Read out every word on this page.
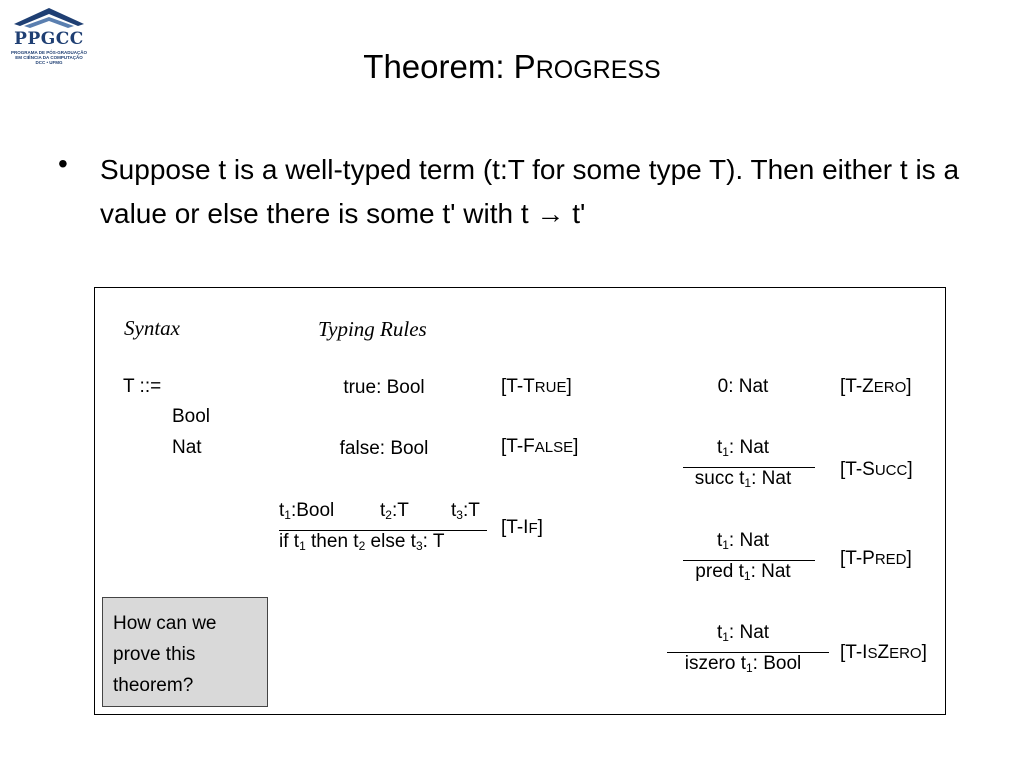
PPGCC
PROGRAMA DE PÓS-GRADUAÇÃO
EM CIÊNCIA DA COMPUTAÇÃO
DCC • UFMG	Theorem: PROGRESS
• Suppose t is a well-typed term (t:T for some type T). Then either t is a value or else there is some t' with t → t'
Syntax
T ::=
Bool
Nat
Typing Rules
true: Bool	[T-TRUE]
false: Bool	[T-FALSE]
$t_1:Bool$ $t_2:T$ $t_3:T$
if $t_1$ then $t_2$ else $t_3$: T
[T-IF]
0: Nat	[T-ZERO]
$t_1$: Nat
succ $t_1$: Nat	[T-SUCC]
$t_1$: Nat
pred $t_1$: Nat
[T-PRED]
$t_1$: Nat
iszero $t_1$: Bool
[T-ISZERO]
How can we prove this theorem?
